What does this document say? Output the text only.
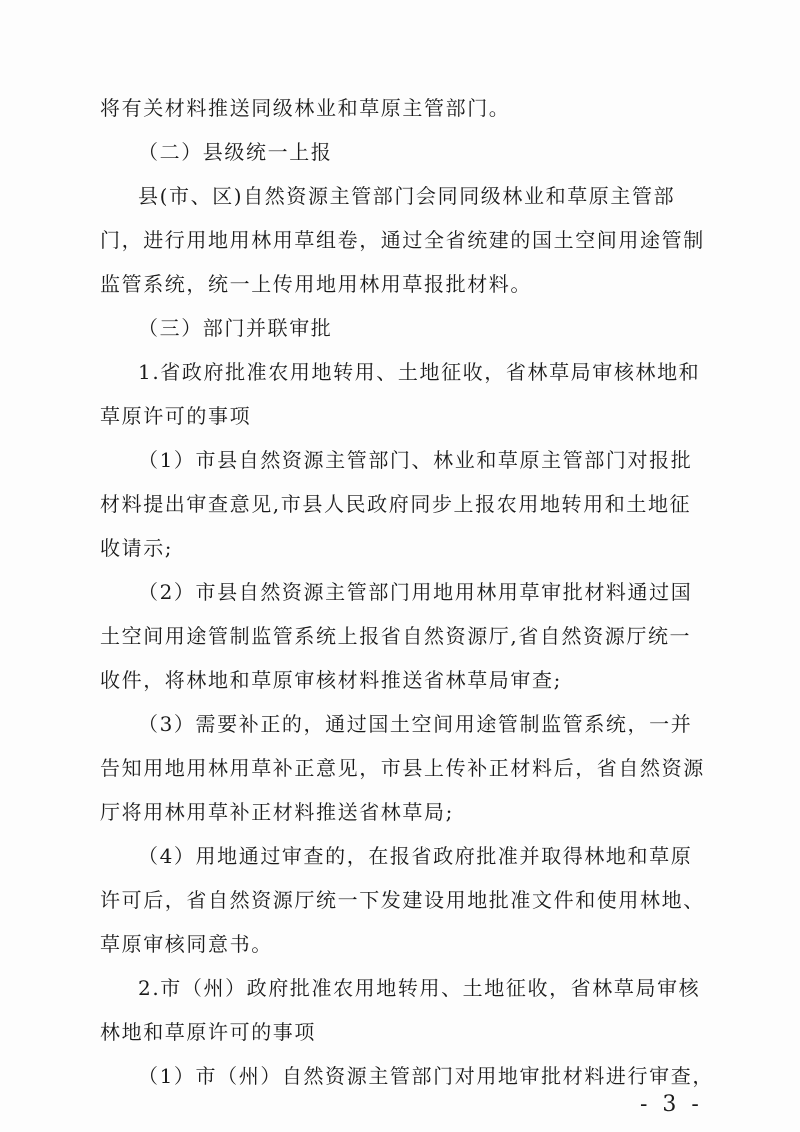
将有关材料推送同级林业和草原主管部门。
（二）县级统一上报
县(市、区)自然资源主管部门会同同级林业和草原主管部
门，进行用地用林用草组卷，通过全省统建的国土空间用途管制
监管系统，统一上传用地用林用草报批材料。
（三）部门并联审批
1.省政府批准农用地转用、土地征收，省林草局审核林地和
草原许可的事项
（1）市县自然资源主管部门、林业和草原主管部门对报批
材料提出审查意见,市县人民政府同步上报农用地转用和土地征
收请示;
（2）市县自然资源主管部门用地用林用草审批材料通过国
土空间用途管制监管系统上报省自然资源厅,省自然资源厅统一
收件，将林地和草原审核材料推送省林草局审查;
（3）需要补正的，通过国土空间用途管制监管系统，一并
告知用地用林用草补正意见，市县上传补正材料后，省自然资源
厅将用林用草补正材料推送省林草局;
（4）用地通过审查的，在报省政府批准并取得林地和草原
许可后，省自然资源厅统一下发建设用地批准文件和使用林地、
草原审核同意书。
2.市（州）政府批准农用地转用、土地征收，省林草局审核
林地和草原许可的事项
（1）市（州）自然资源主管部门对用地审批材料进行审查，
- 3 -
